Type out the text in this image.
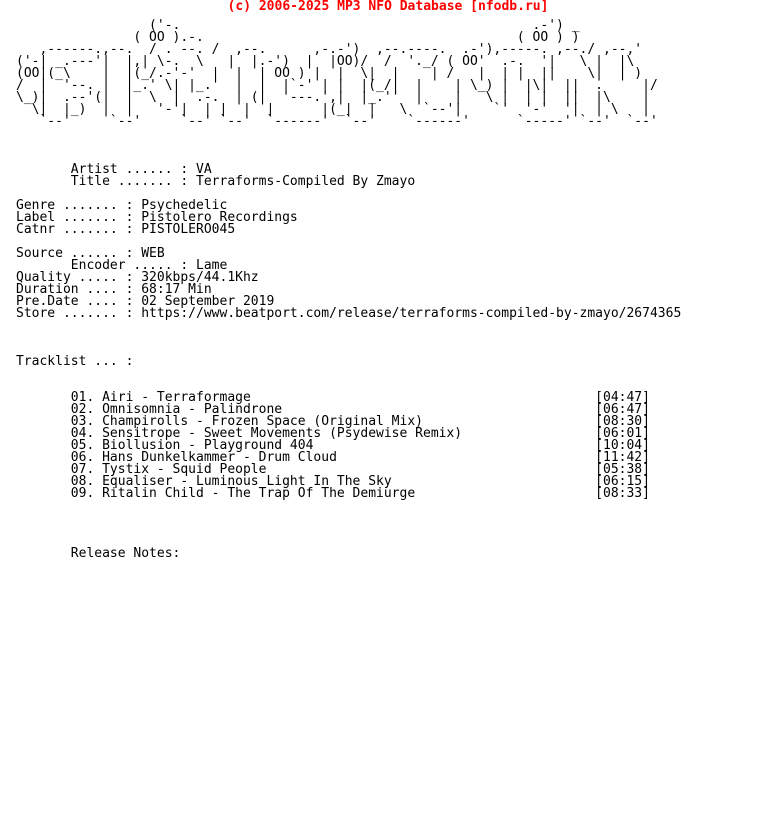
(c) 2006-2025 MP3 NFO Database [nfodb.ru]
('-.                                             .-') _
( OO ).-.                                        ( OO ) )
,------.,--.  / . --. /  ,--.      ,-.-')  ,--.----.  .-'),-----. ,--./ ,--,'
('-| _.---'|  |,| \-.  \   |  |.-')  |  |OO)/  /  '._/ ( OO'  .-.  '|   \ |  |\
(OO|(_\    |  |(_/.-'-'  |  |  | OO ) |  |  \|  |    | /   |  | |  ||    \|  | )
/  |  '--. |  |_.' \| |_.'  |  |  |`-' | |  |(_/|  |    | \_) |  |\|  ||  .     |/
\_)|  .--'(|  |  \  |  .-.  | (|  '---.',|  |_.''  |    |   \ |  | |  ||  |\    |
\|  |_)  |  |   '-'|  | |  |  |      |(_|  |   \  `--'|    `'  '-'  '|  | \   |
`--'     `--'     `--' `--'  `------'  `--'    `------'      `-----' `--'  `--'
Artist ...... : VA
Title ....... : Terraforms-Compiled By Zmayo
Genre ....... : Psychedelic
Label ....... : Pistolero Recordings
Catnr ....... : PISTOLERO045
Source ...... : WEB
Encoder ..... : Lame
Quality ..... : 320kbps/44.1Khz
Duration .... : 68:17 Min
Pre.Date .... : 02 September 2019
Store ....... : https://www.beatport.com/release/terraforms-compiled-by-zmayo/2674365
Tracklist ... :
01. Airi - Terraformage                                            [04:47]
02. Omnisomnia - Palindrone                                        [06:47]
03. Champirolls - Frozen Space (Original Mix)                      [08:30]
04. Sensitrope - Sweet Movements (Psydewise Remix)                 [06:01]
05. Biollusion - Playground 404                                    [10:04]
06. Hans Dunkelkammer - Drum Cloud                                 [11:42]
07. Tystix - Squid People                                          [05:38]
08. Equaliser - Luminous Light In The Sky                          [06:15]
09. Ritalin Child - The Trap Of The Demiurge                       [08:33]
Release Notes:
